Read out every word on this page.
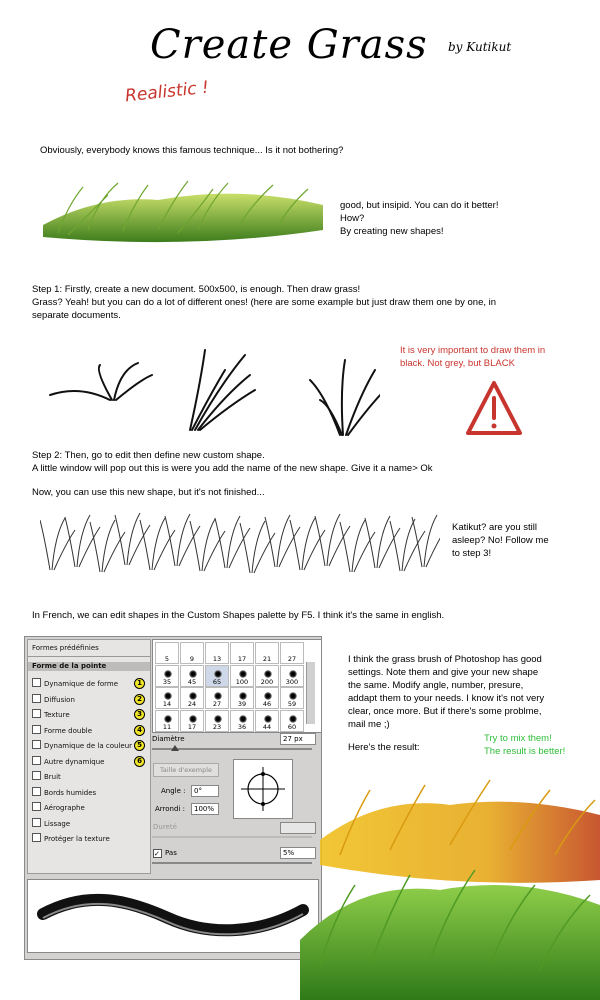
Create Grass
Realistic !
by Kutikut
Obviously, everybody knows this famous technique... Is it not bothering?
good, but insipid. You can do it better!
How?
By creating new shapes!
Step 1: Firstly, create a new document. 500x500, is enough. Then draw grass!
Grass? Yeah! but you can do a lot of different ones! (here are some example but just draw them one by one, in
separate documents.
It is very important to draw them in
black. Not grey, but BLACK
Step 2: Then, go to edit then define new custom shape.
A little window will pop out this is were you add the name of the new shape. Give it a name> Ok
Now, you can use this new shape, but it's not finished...
Katikut? are you still
asleep? No! Follow me
to step 3!
In French, we can edit shapes in the Custom Shapes palette by F5. I think it's the same in english.
Formes prédéfinies
Forme de la pointe
Dynamique de forme	1
Diffusion	2
Texture	3
Forme double	4
Dynamique de la couleur 5
Autre dynamique	6
Bruit
Bords humides
Aérographe
Lissage
Protéger la texture
5	9	13	17	21	27
35	45	65	100	200	300
14	24	27	39	46	59
11	17	23	36	44	60
Diamètre	27 px
Taille d'exemple
Angle :	0°
Arrondi :	100%
Dureté
✓ Pas	5%
I think the grass brush of Photoshop has good
settings. Note them and give your new shape
the same. Modify angle, number, presure,
addapt them to your needs. I know it's not very
clear, once more. But if there's some problme,
mail me ;)
Here's the result:
Try to mix them!
The result is better!
